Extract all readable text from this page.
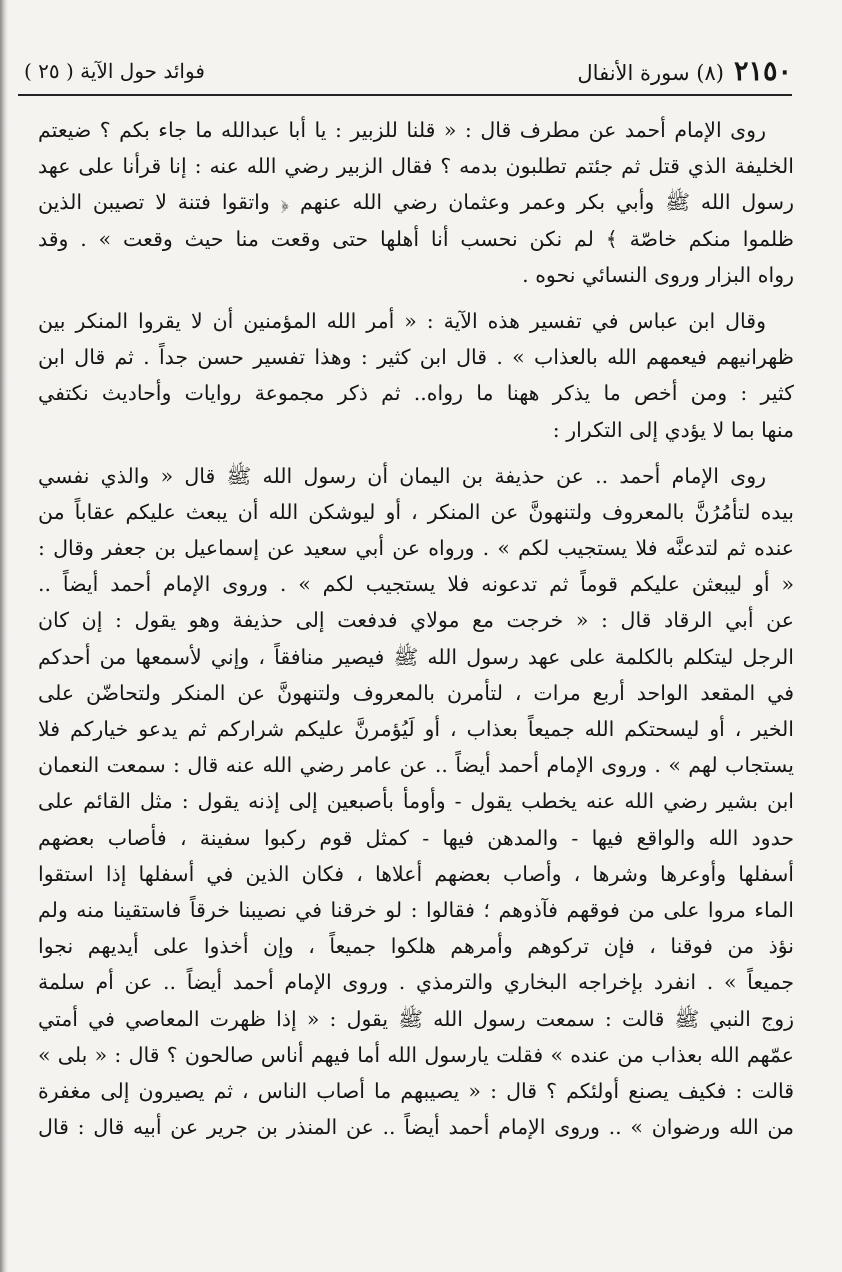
٢١٥٠
(٨) سورة الأنفال
فوائد حول الآية ( ٢٥ )
روى الإمام أحمد عن مطرف قال : « قلنا للزبير : يا أبا عبدالله ما جاء بكم ؟ ضيعتم
الخليفة الذي قتل ثم جئتم تطلبون بدمه ؟ فقال الزبير رضي الله عنه : إنا قرأنا على عهد
رسول الله ﷺ وأبي بكر وعمر وعثمان رضي الله عنهم ﴿ واتقوا فتنة لا تصيبن الذين
ظلموا منكم خاصّة ﴾ لم نكن نحسب أنا أهلها حتى وقعت منا حيث وقعت » . وقد
رواه البزار وروى النسائي نحوه .
وقال ابن عباس في تفسير هذه الآية : « أمر الله المؤمنين أن لا يقروا المنكر بين
ظهرانيهم فيعمهم الله بالعذاب » . قال ابن كثير : وهذا تفسير حسن جداً . ثم قال ابن
كثير : ومن أخص ما يذكر ههنا ما رواه.. ثم ذكر مجموعة روايات وأحاديث نكتفي
منها بما لا يؤدي إلى التكرار :
روى الإمام أحمد .. عن حذيفة بن اليمان أن رسول الله ﷺ قال « والذي نفسي
بيده لتأمُرُنَّ بالمعروف ولتنهونَّ عن المنكر ، أو ليوشكن الله أن يبعث عليكم عقاباً من
عنده ثم لتدعنَّه فلا يستجيب لكم » . ورواه عن أبي سعيد عن إسماعيل بن جعفر وقال :
« أو ليبعثن عليكم قوماً ثم تدعونه فلا يستجيب لكم » . وروى الإمام أحمد أيضاً ..
عن أبي الرقاد قال : « خرجت مع مولاي فدفعت إلى حذيفة وهو يقول : إن كان
الرجل ليتكلم بالكلمة على عهد رسول الله ﷺ فيصير منافقاً ، وإني لأسمعها من أحدكم
في المقعد الواحد أربع مرات ، لتأمرن بالمعروف ولتنهونَّ عن المنكر ولتحاضّن على
الخير ، أو ليسحتكم الله جميعاً بعذاب ، أو لَيُؤمرنَّ عليكم شراركم ثم يدعو خياركم فلا
يستجاب لهم » . وروى الإمام أحمد أيضاً .. عن عامر رضي الله عنه قال : سمعت النعمان
ابن بشير رضي الله عنه يخطب يقول - وأومأ بأصبعين إلى إذنه يقول : مثل القائم على
حدود الله والواقع فيها - والمدهن فيها - كمثل قوم ركبوا سفينة ، فأصاب بعضهم
أسفلها وأوعرها وشرها ، وأصاب بعضهم أعلاها ، فكان الذين في أسفلها إذا استقوا
الماء مروا على من فوقهم فآذوهم ؛ فقالوا : لو خرقنا في نصيبنا خرقاً فاستقينا منه ولم
نؤذ من فوقنا ، فإن تركوهم وأمرهم هلكوا جميعاً ، وإن أخذوا على أيديهم نجوا
جميعاً » . انفرد بإخراجه البخاري والترمذي . وروى الإمام أحمد أيضاً .. عن أم سلمة
زوج النبي ﷺ قالت : سمعت رسول الله ﷺ يقول : « إذا ظهرت المعاصي في أمتي
عمّهم الله بعذاب من عنده » فقلت يارسول الله أما فيهم أناس صالحون ؟ قال : « بلى »
قالت : فكيف يصنع أولئكم ؟ قال : « يصيبهم ما أصاب الناس ، ثم يصيرون إلى مغفرة
من الله ورضوان » .. وروى الإمام أحمد أيضاً .. عن المنذر بن جرير عن أبيه قال : قال
